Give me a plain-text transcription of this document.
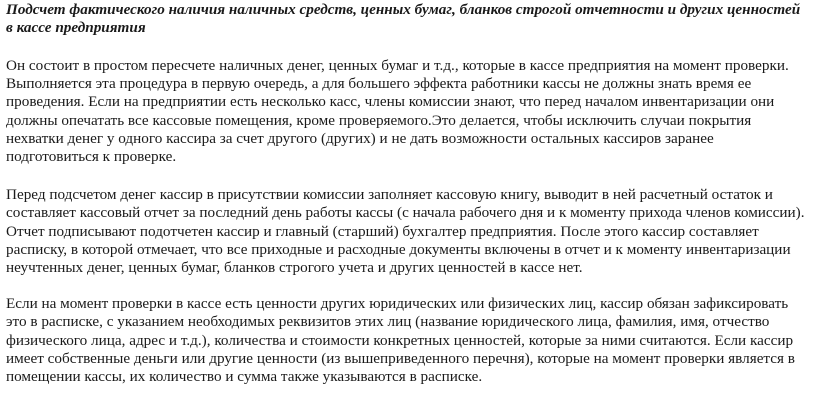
Подсчет фактического наличия наличных средств, ценных бумаг, бланков строгой отчетности и других ценностей в кассе предприятия

Он состоит в простом пересчете наличных денег, ценных бумаг и т.д., которые в кассе предприятия на момент проверки. Выполняется эта процедура в первую очередь, а для большего эффекта работники кассы не должны знать время ее проведения. Если на предприятии есть несколько касс, члены комиссии знают, что перед началом инвентаризации они должны опечатать все кассовые помещения, кроме проверяемого.Это делается, чтобы исключить случаи покрытия нехватки денег у одного кассира за счет другого (других) и не дать возможности остальных кассиров заранее подготовиться к проверке.

Перед подсчетом денег кассир в присутствии комиссии заполняет кассовую книгу, выводит в ней расчетный остаток и составляет кассовый отчет за последний день работы кассы (с начала рабочего дня и к моменту прихода членов комиссии). Отчет подписывают подотчетен кассир и главный (старший) бухгалтер предприятия. После этого кассир составляет расписку, в которой отмечает, что все приходные и расходные документы включены в отчет и к моменту инвентаризации неучтенных денег, ценных бумаг, бланков строгого учета и других ценностей в кассе нет.

Если на момент проверки в кассе есть ценности других юридических или физических лиц, кассир обязан зафиксировать это в расписке, с указанием необходимых реквизитов этих лиц (название юридического лица, фамилия, имя, отчество физического лица, адрес и т.д.), количества и стоимости конкретных ценностей, которые за ними считаются. Если кассир имеет собственные деньги или другие ценности (из вышеприведенного перечня), которые на момент проверки является в помещении кассы, их количество и сумма также указываются в расписке.
